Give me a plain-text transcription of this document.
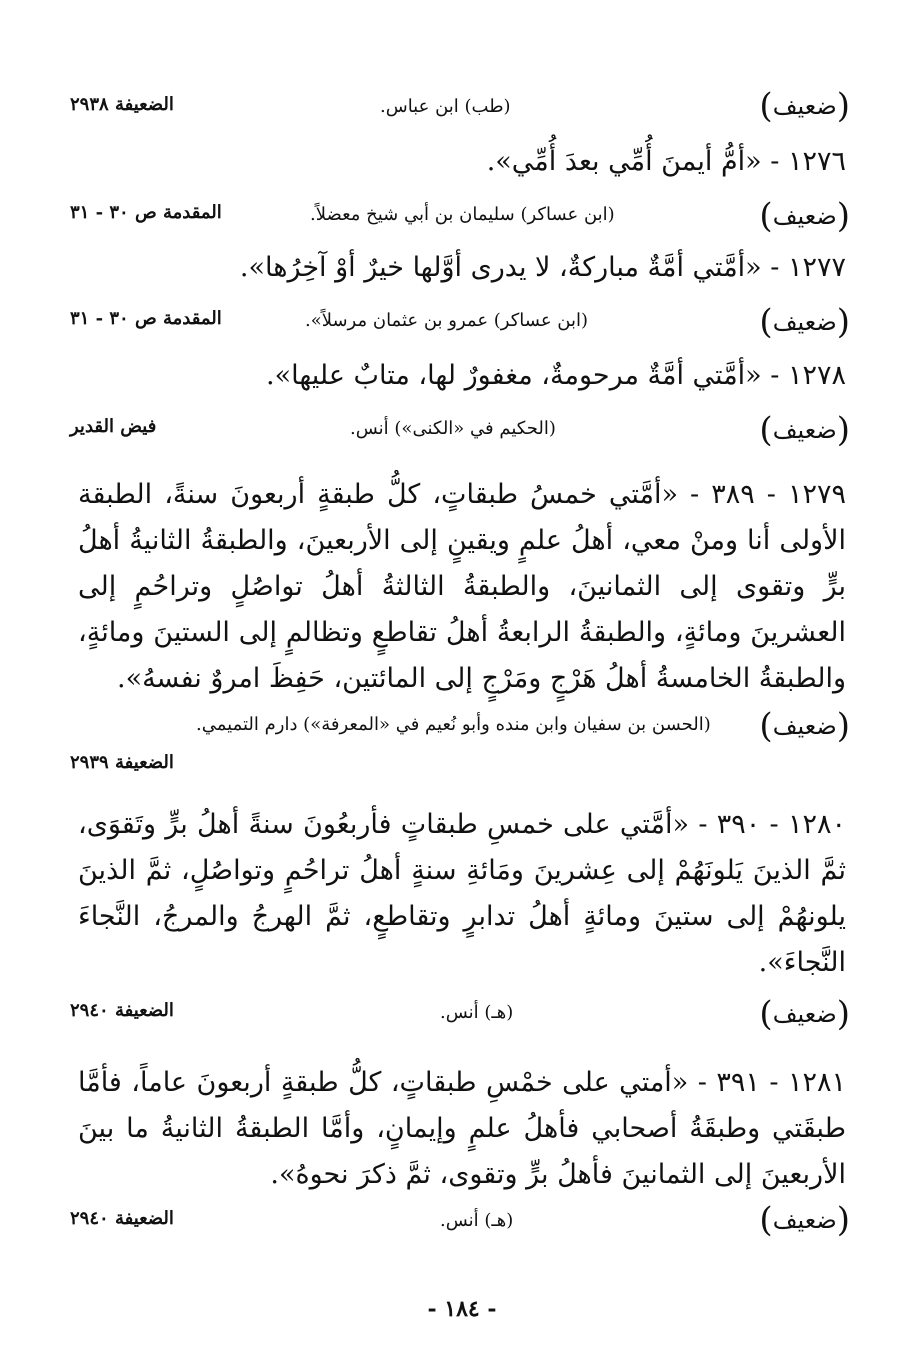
(ضعيف)
(طب) ابن عباس.
الضعيفة ٢٩٣٨
١٢٧٦ - «أمُّ أيمنَ أُمِّي بعدَ أُمِّي».
(ضعيف)
(ابن عساكر) سليمان بن أبي شيخ معضلاً.
المقدمة ص ٣٠ - ٣١
١٢٧٧ - «أمَّتي أمَّةٌ مباركةٌ، لا يدرى أوَّلها خيرٌ أوْ آخِرُها».
(ضعيف)
(ابن عساكر) عمرو بن عثمان مرسلاً».
المقدمة ص ٣٠ - ٣١
١٢٧٨ - «أمَّتي أمَّةٌ مرحومةٌ، مغفورٌ لها، متابٌ عليها».
(ضعيف)
(الحكيم في «الكنى») أنس.
فيض القدير
١٢٧٩ - ٣٨٩ - «أمَّتي خمسُ طبقاتٍ، كلُّ طبقةٍ أربعونَ سنةً، الطبقة الأولى أنا ومنْ معي، أهلُ علمٍ ويقينٍ إلى الأربعينَ، والطبقةُ الثانيةُ أهلُ برٍّ وتقوى إلى الثمانينَ، والطبقةُ الثالثةُ أهلُ تواصُلٍ وتراحُمٍ إلى العشرينَ ومائةٍ، والطبقةُ الرابعةُ أهلُ تقاطعٍ وتظالمٍ إلى الستينَ ومائةٍ، والطبقةُ الخامسةُ أهلُ هَرْجٍ ومَرْجٍ إلى المائتين، حَفِظَ امروٌ نفسهُ».
(ضعيف)
(الحسن بن سفيان وابن منده وأبو نُعيم في «المعرفة») دارم التميمي.
الضعيفة ٢٩٣٩
١٢٨٠ - ٣٩٠ - «أمَّتي على خمسِ طبقاتٍ فأربعُونَ سنةً أهلُ برٍّ وتَقوَى، ثمَّ الذينَ يَلونَهُمْ إلى عِشرينَ ومَائةِ سنةٍ أهلُ تراحُمٍ وتواصُلٍ، ثمَّ الذينَ يلونهُمْ إلى ستينَ ومائةٍ أهلُ تدابرٍ وتقاطعٍ، ثمَّ الهرجُ والمرجُ، النَّجاءَ النَّجاءَ».
(ضعيف)
(هـ) أنس.
الضعيفة ٢٩٤٠
١٢٨١ - ٣٩١ - «أمتي على خمْسِ طبقاتٍ، كلُّ طبقةٍ أربعونَ عاماً، فأمَّا طبقَتي وطبقَةُ أصحابي فأهلُ علمٍ وإيمانٍ، وأمَّا الطبقةُ الثانيةُ ما بينَ الأربعينَ إلى الثمانينَ فأهلُ برٍّ وتقوى، ثمَّ ذكرَ نحوهُ».
(ضعيف)
(هـ) أنس.
الضعيفة ٢٩٤٠
- ١٨٤ -
